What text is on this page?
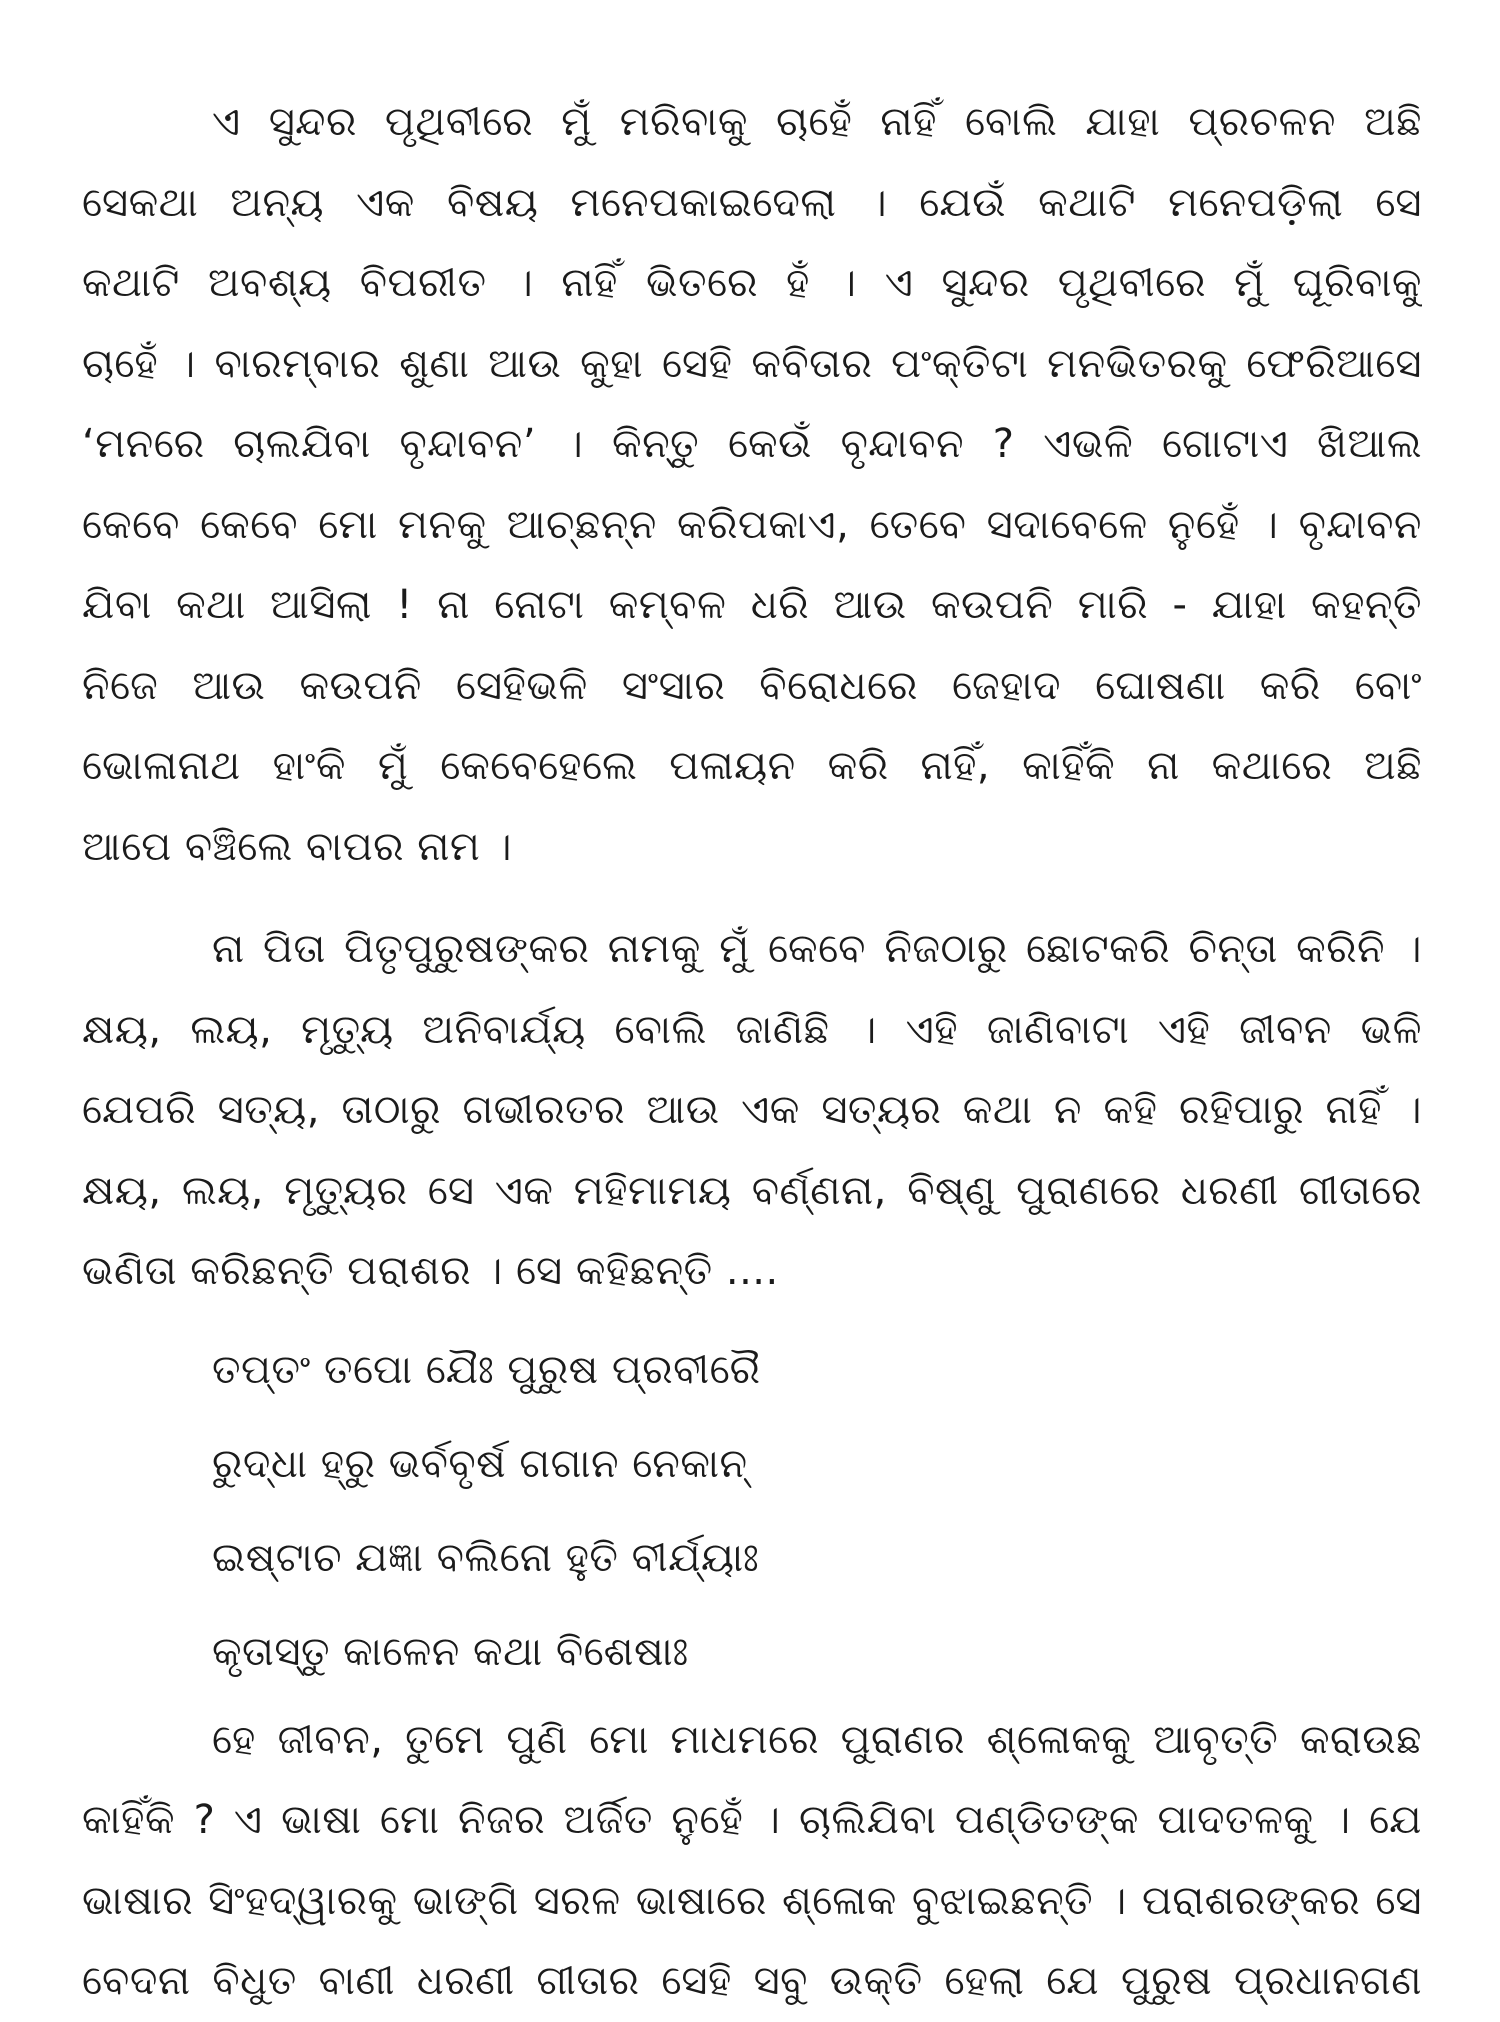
ଏ ସୁନ୍ଦର ପୃଥିବୀରେ ମୁଁ ମରିବାକୁ ଚାହେଁ ନାହିଁ ବୋଲି ଯାହା ପ୍ରଚଳନ ଅଛି
ସେକଥା ଅନ୍ୟ ଏକ ବିଷୟ ମନେପକାଇଦେଲା । ଯେଉଁ କଥାଟି ମନେପଡ଼ିଲା ସେ
କଥାଟି ଅବଶ୍ୟ ବିପରୀତ । ନାହିଁ ଭିତରେ ହଁ । ଏ ସୁନ୍ଦର ପୃଥିବୀରେ ମୁଁ ଘୂରିବାକୁ
ଚାହେଁ । ବାରମ୍ବାର ଶୁଣା ଆଉ କୁହା ସେହି କବିତାର ପଂକ୍ତିଟା ମନଭିତରକୁ ଫେରିଆସେ
‘ମନରେ ଚାଲଯିବା ବୃନ୍ଦାବନ’ । କିନ୍ତୁ କେଉଁ ବୃନ୍ଦାବନ ? ଏଭଳି ଗୋଟାଏ ଖିଆଲ
କେବେ କେବେ ମୋ ମନକୁ ଆଚ୍ଛନ୍ନ କରିପକାଏ, ତେବେ ସଦାବେଳେ ନୁହେଁ । ବୃନ୍ଦାବନ
ଯିବା କଥା ଆସିଲା ! ନା ନୋଟା କମ୍ବଳ ଧରି ଆଉ କଉପନି ମାରି - ଯାହା କହନ୍ତି
ନିଜେ ଆଉ କଉପନି ସେହିଭଳି ସଂସାର ବିରୋଧରେ ଜେହାଦ ଘୋଷଣା କରି ବୋଂ
ଭୋଳାନାଥ ହାଂକି ମୁଁ କେବେହେଲେ ପଳାୟନ କରି ନାହିଁ, କାହିଁକି ନା କଥାରେ ଅଛି
ଆପେ ବଞ୍ଚିଲେ ବାପର ନାମ ।
ନା ପିତା ପିତୃପୁରୁଷଙ୍କର ନାମକୁ ମୁଁ କେବେ ନିଜଠାରୁ ଛୋଟକରି ଚିନ୍ତା କରିନି ।
କ୍ଷୟ, ଲୟ, ମୃତ୍ୟୁ ଅନିବାର୍ଯ୍ୟ ବୋଲି ଜାଣିଛି । ଏହି ଜାଣିବାଟା ଏହି ଜୀବନ ଭଳି
ଯେପରି ସତ୍ୟ, ତାଠାରୁ ଗଭୀରତର ଆଉ ଏକ ସତ୍ୟର କଥା ନ କହି ରହିପାରୁ ନାହିଁ ।
କ୍ଷୟ, ଲୟ, ମୃତ୍ୟୁର ସେ ଏକ ମହିମାମୟ ବର୍ଣ୍ଣନା, ବିଷ୍ଣୁ ପୁରାଣରେ ଧରଣୀ ଗୀତାରେ
ଭଣିତା କରିଛନ୍ତି ପରାଶର । ସେ କହିଛନ୍ତି ....
ତପ୍ତଂ ତପୋ ଯୈଃ ପୁରୁଷ ପ୍ରବୀରୈ
ରୁଦ୍ଧା ହ୍ରୁ ଭର୍ବବୃର୍ଷ ଗଗାନ ନେକାନ୍
ଇଷ୍ଟାଚ ଯଜ୍ଞା ବଲିନୋ ହୁତି ବୀର୍ଯ୍ୟାଃ
କୃତାସ୍ତୁ କାଳେନ କଥା ବିଶେଷାଃ
ହେ ଜୀବନ, ତୁମେ ପୁଣି ମୋ ମାଧମରେ ପୁରାଣର ଶ୍ଳୋକକୁ ଆବୃତ୍ତି କରାଉଛ
କାହିଁକି ? ଏ ଭାଷା ମୋ ନିଜର ଅର୍ଜିତ ନୁହେଁ । ଚାଲିଯିବା ପଣ୍ଡିତଙ୍କ ପାଦତଳକୁ । ଯେ
ଭାଷାର ସିଂହଦ୍ୱାରକୁ ଭାଙ୍ଗି ସରଳ ଭାଷାରେ ଶ୍ଳୋକ ବୁଝାଇଛନ୍ତି । ପରାଶରଙ୍କର ସେ
ବେଦନା ବିଧୁତ ବାଣୀ ଧରଣୀ ଗୀତାର ସେହି ସବୁ ଉକ୍ତି ହେଲା ଯେ ପୁରୁଷ ପ୍ରଧାନଗଣ
